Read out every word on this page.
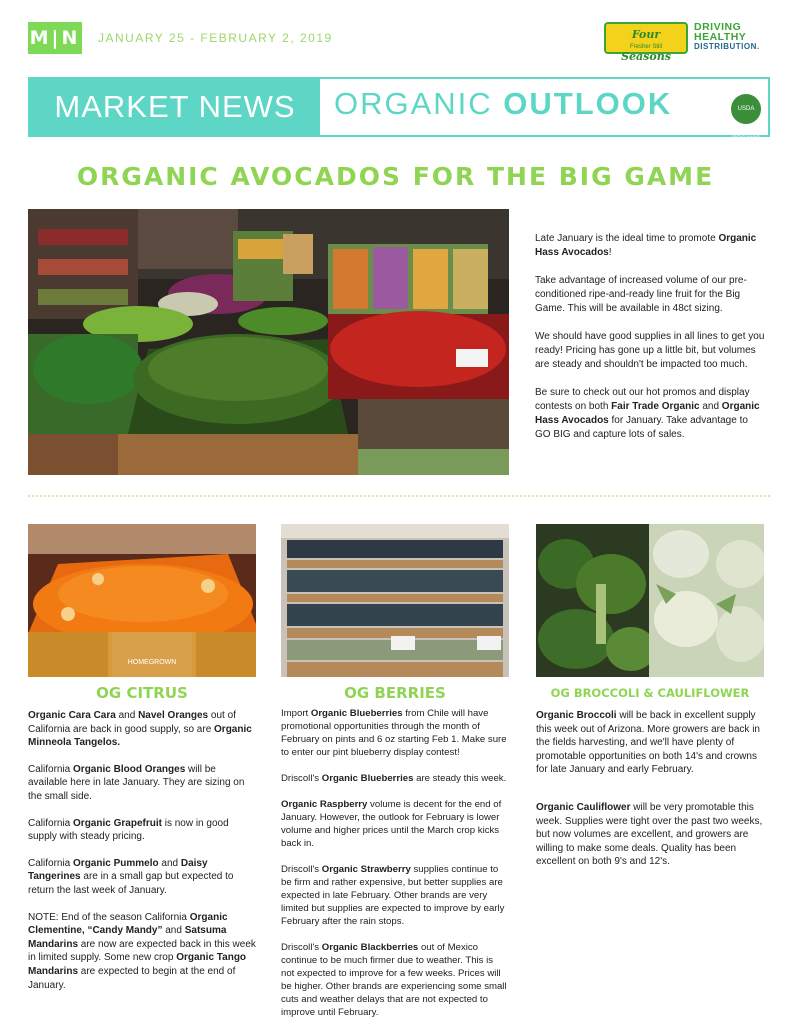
M|N JANUARY 25 - FEBRUARY 2, 2019	Four Seasons
Fresher Still
DRIVING
HEALTHY
DISTRIBUTION.
MARKET NEWS	ORGANIC OUTLOOK	USDA ORGANIC
ORGANIC AVOCADOS FOR THE BIG GAME

Late January is the ideal time to promote Organic Hass Avocados!

Take advantage of increased volume of our pre-conditioned ripe-and-ready line fruit for the Big Game. This will be available in 48ct sizing.

We should have good supplies in all lines to get you ready! Pricing has gone up a little bit, but volumes are steady and shouldn't be impacted too much.

Be sure to check out our hot promos and display contests on both Fair Trade Organic and Organic Hass Avocados for January. Take advantage to GO BIG and capture lots of sales.

HOMEGROWN
OG CITRUS	OG BERRIES	OG BROCCOLI & CAULIFLOWER

Organic Cara Cara and Navel Oranges out of California are back in good supply, so are Organic Minneola Tangelos.

California Organic Blood Oranges will be available here in late January. They are sizing on the small side.

California Organic Grapefruit is now in good supply with steady pricing.

California Organic Pummelo and Daisy Tangerines are in a small gap but expected to return the last week of January.

NOTE: End of the season California Organic Clementine, “Candy Mandy” and Satsuma Mandarins are now are expected back in this week in limited supply. Some new crop Organic Tango Mandarins are expected to begin at the end of January.

Import Organic Blueberries from Chile will have promotional opportunities through the month of February on pints and 6 oz starting Feb 1. Make sure to enter our pint blueberry display contest!

Driscoll's Organic Blueberries are steady this week.

Organic Raspberry volume is decent for the end of January. However, the outlook for February is lower volume and higher prices until the March crop kicks back in.

Driscoll's Organic Strawberry supplies continue to be firm and rather expensive, but better supplies are expected in late February. Other brands are very limited but supplies are expected to improve by early February after the rain stops.

Driscoll's Organic Blackberries out of Mexico continue to be much firmer due to weather. This is not expected to improve for a few weeks. Prices will be higher. Other brands are experiencing some small cuts and weather delays that are not expected to improve until February.

Organic Broccoli will be back in excellent supply this week out of Arizona. More growers are back in the fields harvesting, and we'll have plenty of promotable opportunities on both 14's and crowns for late January and early February.

Organic Cauliflower will be very promotable this week. Supplies were tight over the past two weeks, but now volumes are excellent, and growers are willing to make some deals. Quality has been excellent on both 9's and 12's.
